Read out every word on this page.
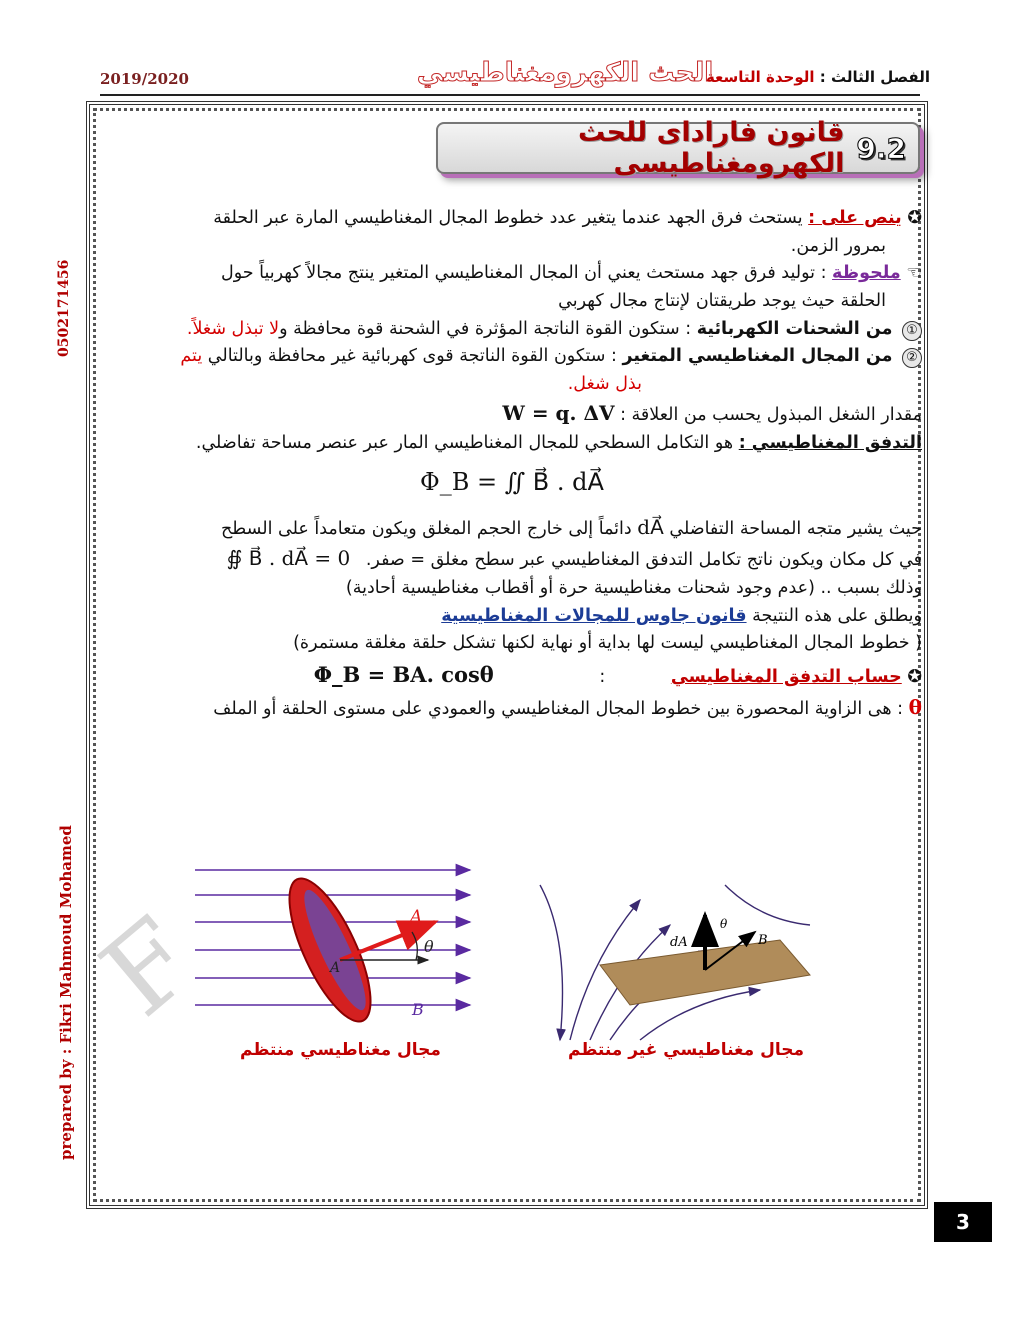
2019/2020	الحث الكهرومغناطيسي	الفصل الثالث : الوحدة التاسعة
0502171456
prepared by : Fikri Mahmoud Mohamed F
9.2
قانون فاراداى للحث الكهرومغناطيسى

✪ ينص على : يستحث فرق الجهد عندما يتغير عدد خطوط المجال المغناطيسي المارة عبر الحلقة

بمرور الزمن.

☜ ملحوظة : توليد فرق جهد مستحث يعني أن المجال المغناطيسي المتغير ينتج مجالاً كهربياً حول

الحلقة حيث يوجد طريقتان لإنتاج مجال كهربي

① من الشحنات الكهربائية : ستكون القوة الناتجة المؤثرة في الشحنة قوة محافظة ولا تبذل شغلاً.

② من المجال المغناطيسي المتغير : ستكون القوة الناتجة قوى كهربائية غير محافظة وبالتالي يتم

بذل شغل.

مقدار الشغل المبذول يحسب من العلاقة : W = q. ΔV

التدفق المغناطيسي : هو التكامل السطحي للمجال المغناطيسي المار عبر عنصر مساحة تفاضلي.

Φ_B = ∬ B⃗ . dA⃗

حيث يشير متجه المساحة التفاضلي dA⃗ دائماً إلى خارج الحجم المغلق ويكون متعامداً على السطح

في كل مكان ويكون ناتج تكامل التدفق المغناطيسي عبر سطح مغلق = صفر. ∯ B⃗ . dA⃗ = 0

وذلك بسبب .. (عدم وجود شحنات مغناطيسية حرة أو أقطاب مغناطيسية أحادية)

ويطلق على هذه النتيجة قانون جاوس للمجالات المغناطيسية

( خطوط المجال المغناطيسي ليست لها بداية أو نهاية لكنها تشكل حلقة مغلقة مستمرة)

✪ حساب التدفق المغناطيسي : Φ_B = BA. cosθ

θ : هى الزاوية المحصورة بين خطوط المجال المغناطيسي والعمودي على مستوى الحلقة أو الملف

A
θ
A
B
مجال مغناطيسي منتظم
dA
θ
B
مجال مغناطيسي غير منتظم
3
